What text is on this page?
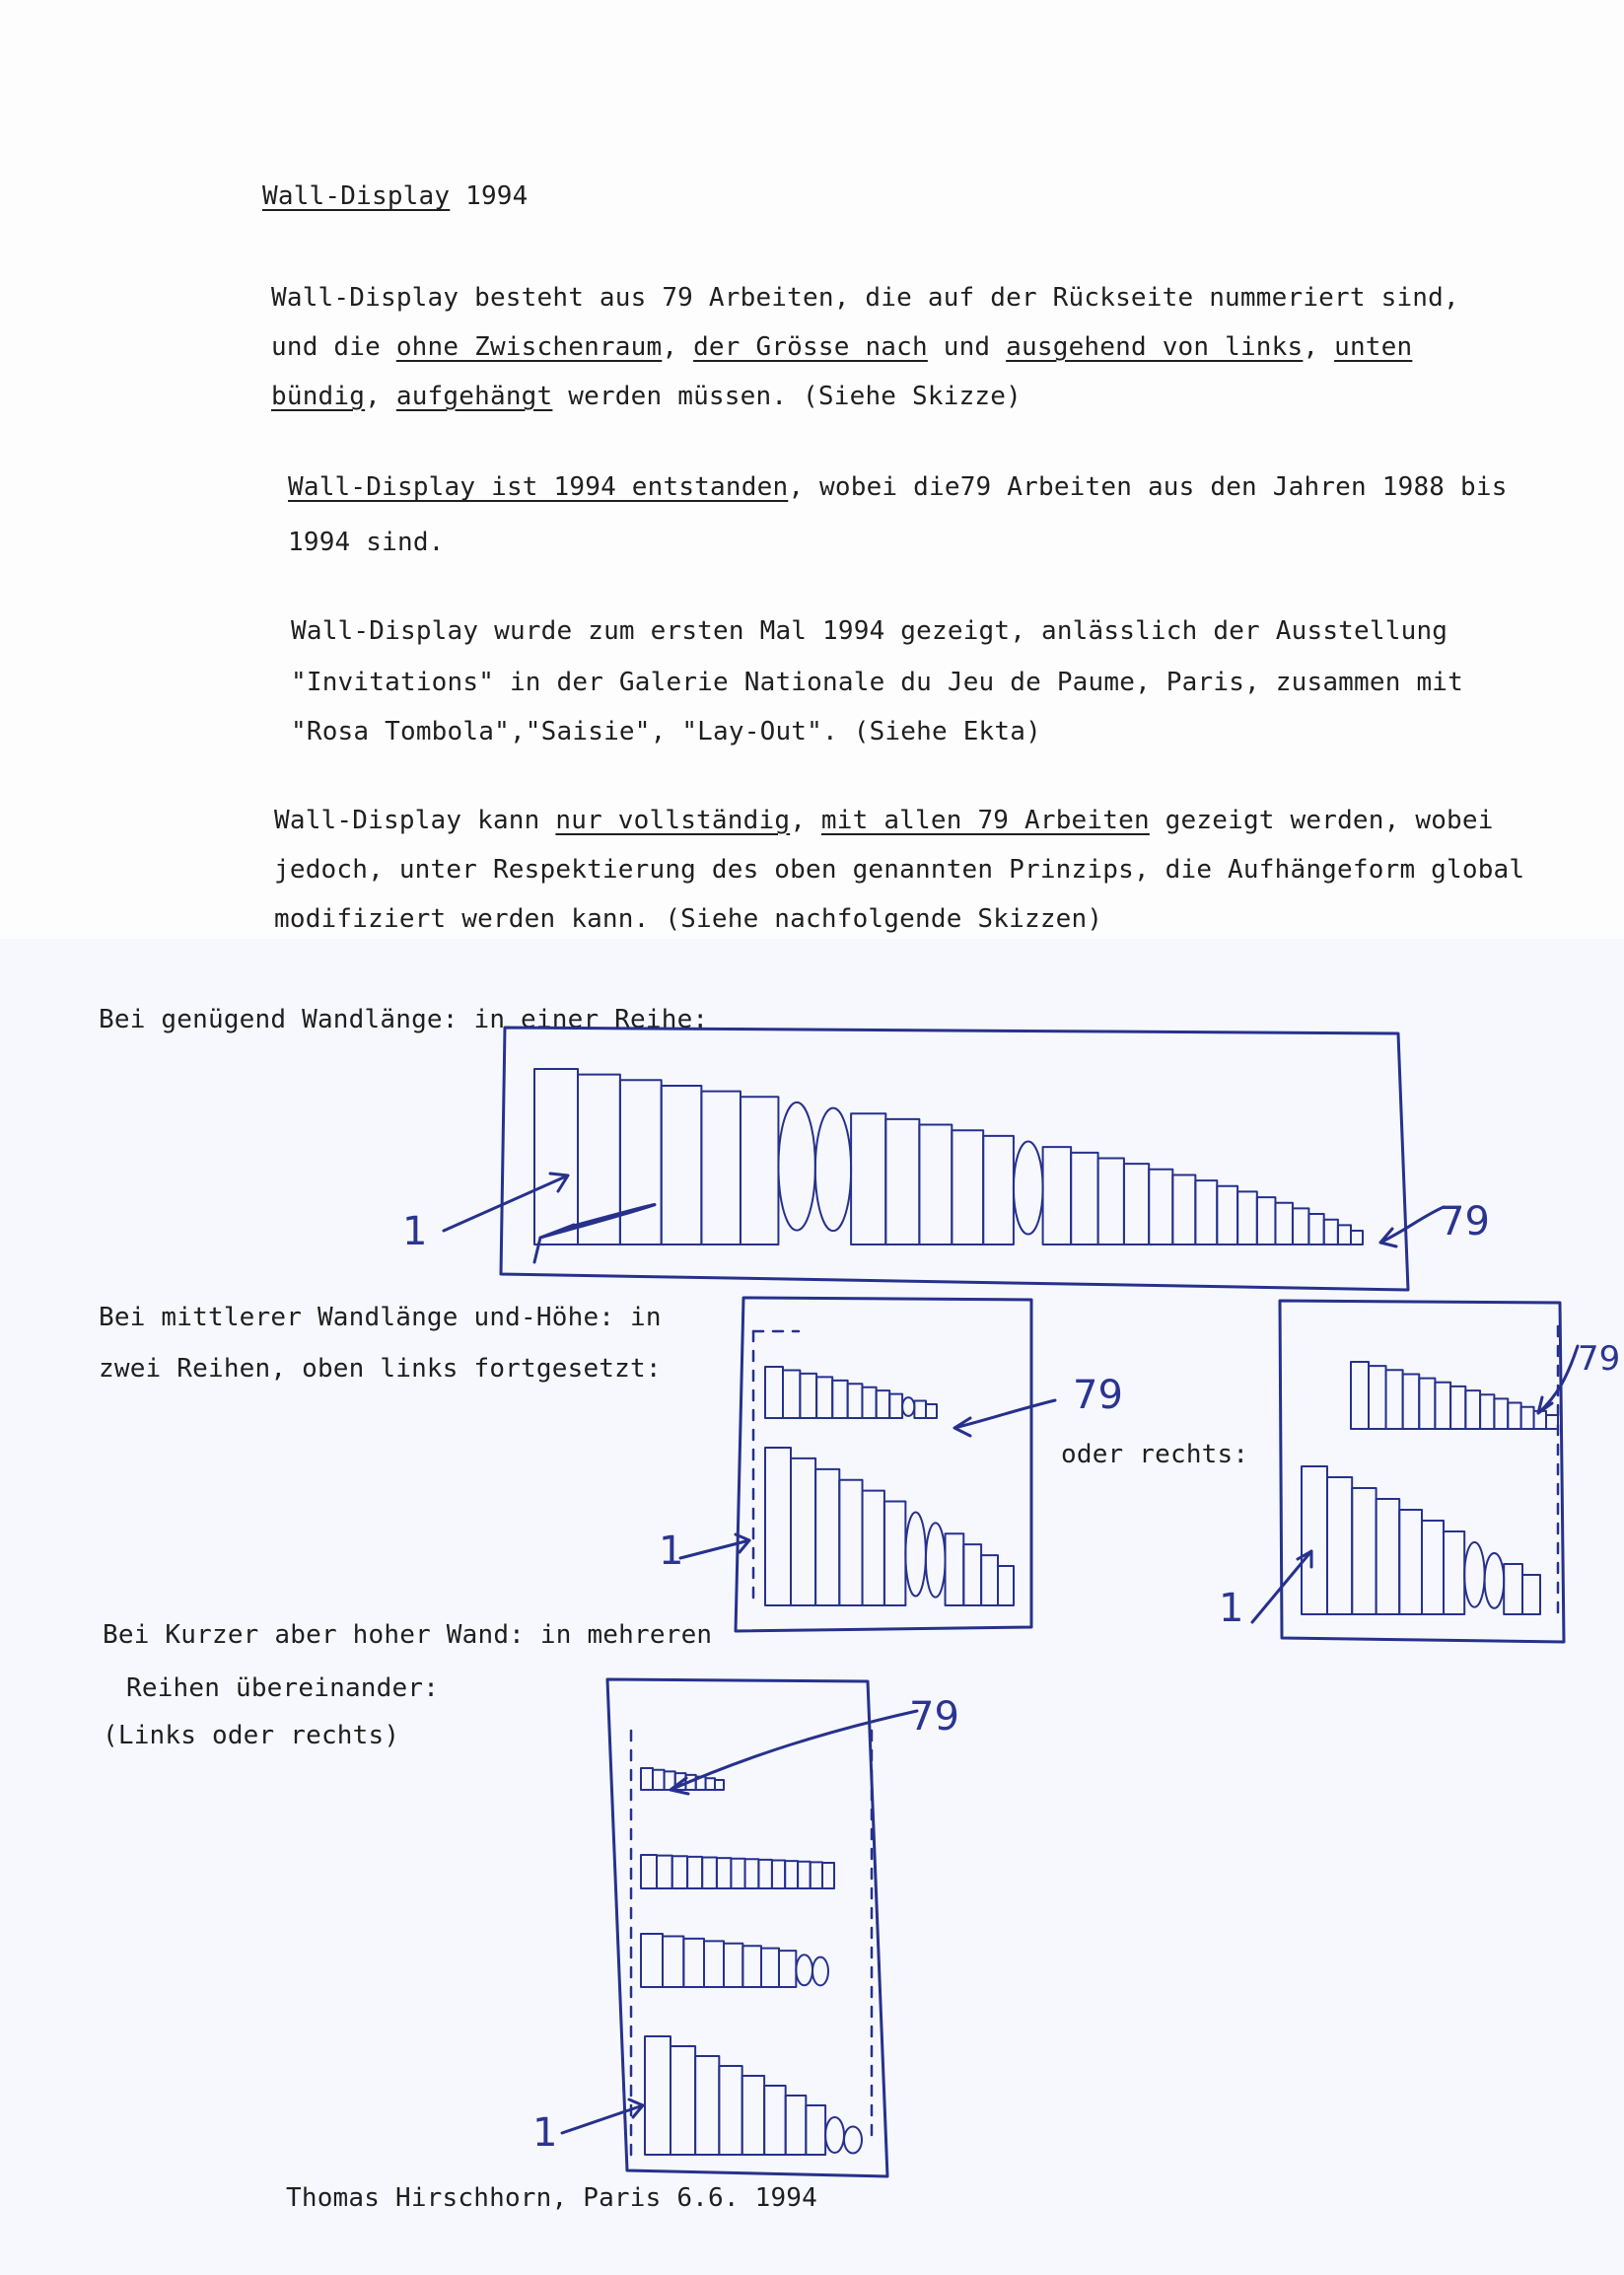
Wall-Display 1994
Wall-Display besteht aus 79 Arbeiten, die auf der Rückseite nummeriert sind,
und die ohne Zwischenraum, der Grösse nach und ausgehend von links, unten
bündig, aufgehängt werden müssen. (Siehe Skizze)
Wall-Display ist 1994 entstanden, wobei die79 Arbeiten aus den Jahren 1988 bis
1994 sind.
Wall-Display wurde zum ersten Mal 1994 gezeigt, anlässlich der Ausstellung
"Invitations" in der Galerie Nationale du Jeu de Paume, Paris, zusammen mit
"Rosa Tombola","Saisie", "Lay-Out". (Siehe Ekta)
Wall-Display kann nur vollständig, mit allen 79 Arbeiten gezeigt werden, wobei
jedoch, unter Respektierung des oben genannten Prinzips, die Aufhängeform global
modifiziert werden kann. (Siehe nachfolgende Skizzen)
Bei genügend Wandlänge: in einer Reihe:
Bei mittlerer Wandlänge und-Höhe: in
zwei Reihen, oben links fortgesetzt:
oder rechts:
Bei Kurzer aber hoher Wand: in mehreren
Reihen übereinander:
(Links oder rechts)
1	79
79
1
79
1
79
1
Thomas Hirschhorn, Paris 6.6. 1994
